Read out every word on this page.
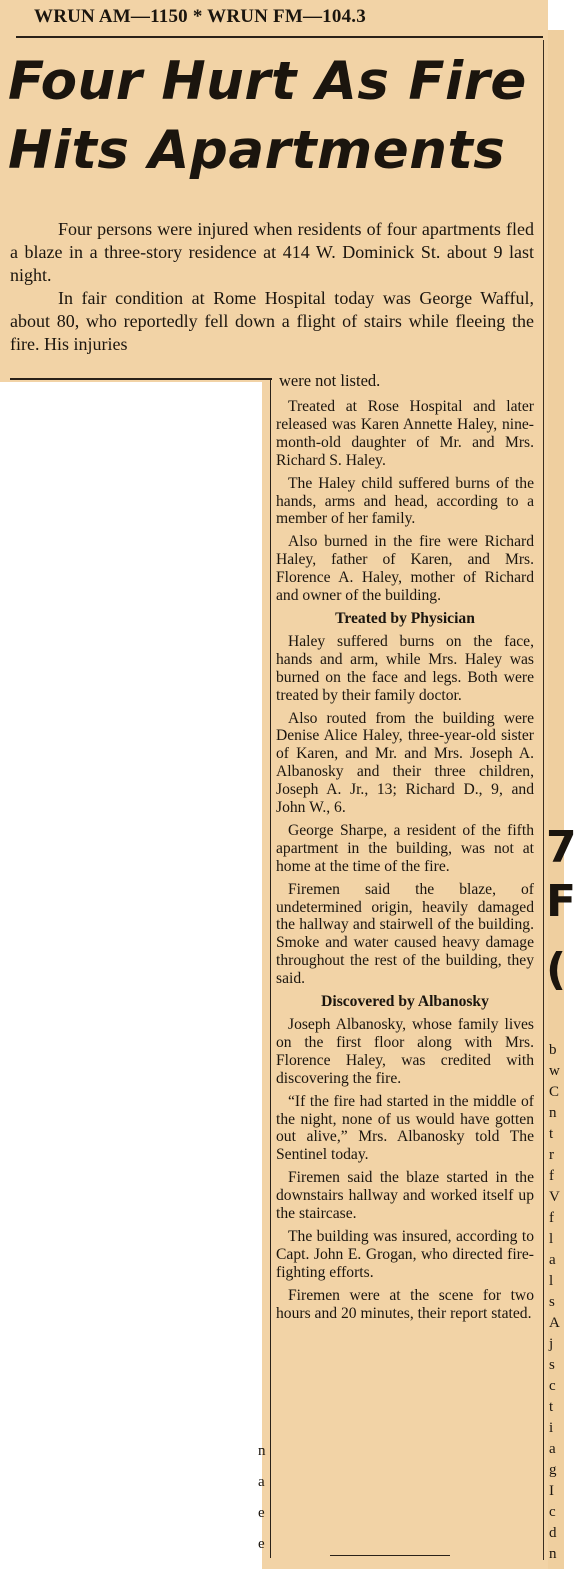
WRUN AM—1150 * WRUN FM—104.3
Four Hurt As Fire Hits Apartments

Four persons were injured when residents of four apartments fled a blaze in a three-story residence at 414 W. Dominick St. about 9 last night.

In fair condition at Rome Hospital today was George Wafful, about 80, who reportedly fell down a flight of stairs while fleeing the fire. His injuries

were not listed.

Treated at Rose Hospital and later released was Karen Annette Haley, nine-month-old daughter of Mr. and Mrs. Richard S. Haley.

The Haley child suffered burns of the hands, arms and head, according to a member of her family.

Also burned in the fire were Richard Haley, father of Karen, and Mrs. Florence A. Haley, mother of Richard and owner of the building.

Treated by Physician

Haley suffered burns on the face, hands and arm, while Mrs. Haley was burned on the face and legs. Both were treated by their family doctor.

Also routed from the building were Denise Alice Haley, three-year-old sister of Karen, and Mr. and Mrs. Joseph A. Albanosky and their three children, Joseph A. Jr., 13; Richard D., 9, and John W., 6.

George Sharpe, a resident of the fifth apartment in the building, was not at home at the time of the fire.

Firemen said the blaze, of undetermined origin, heavily damaged the hallway and stairwell of the building. Smoke and water caused heavy damage throughout the rest of the building, they said.

Discovered by Albanosky

Joseph Albanosky, whose family lives on the first floor along with Mrs. Florence Haley, was credited with discovering the fire.

“If the fire had started in the middle of the night, none of us would have gotten out alive,” Mrs. Albanosky told The Sentinel today.

Firemen said the blaze started in the downstairs hallway and worked itself up the staircase.

The building was insured, according to Capt. John E. Grogan, who directed fire-fighting efforts.

Firemen were at the scene for two hours and 20 minutes, their report stated.

7
F
(
b w C n t r f V f l a l s A j s c t i a g I c d n
n a e e
